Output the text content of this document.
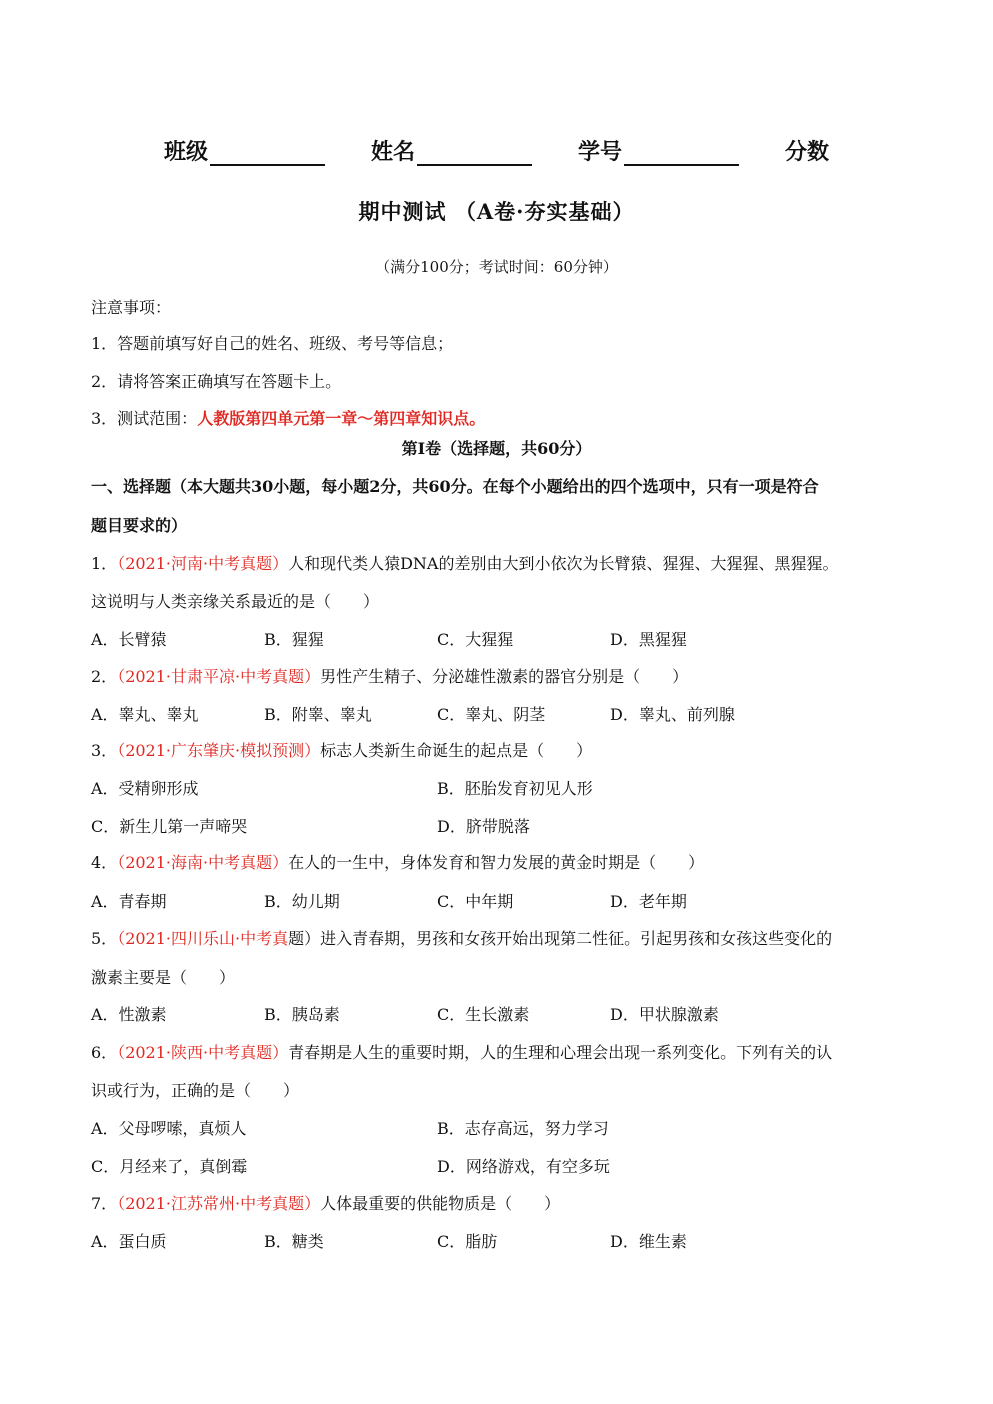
班级	姓名	学号	分数
期中测试 （A卷·夯实基础）
（满分100分；考试时间：60分钟）
注意事项：
1．答题前填写好自己的姓名、班级、考号等信息；
2．请将答案正确填写在答题卡上。
3．测试范围：人教版第四单元第一章～第四章知识点。
第Ⅰ卷（选择题，共60分）
一、选择题（本大题共30小题，每小题2分，共60分。在每个小题给出的四个选项中，只有一项是符合
题目要求的）
1．（2021·河南·中考真题）人和现代类人猿DNA的差别由大到小依次为长臂猿、猩猩、大猩猩、黑猩猩。
这说明与人类亲缘关系最近的是（　　）
A．长臂猿	B．猩猩	C．大猩猩	D．黑猩猩
2．（2021·甘肃平凉·中考真题）男性产生精子、分泌雄性激素的器官分别是（　　）
A．睾丸、睾丸	B．附睾、睾丸	C．睾丸、阴茎	D．睾丸、前列腺
3．（2021·广东肇庆·模拟预测）标志人类新生命诞生的起点是（　　）
A．受精卵形成	B．胚胎发育初见人形
C．新生儿第一声啼哭	D．脐带脱落
4．（2021·海南·中考真题）在人的一生中，身体发育和智力发展的黄金时期是（　　）
A．青春期	B．幼儿期	C．中年期	D．老年期
5．（2021·四川乐山·中考真题）进入青春期，男孩和女孩开始出现第二性征。引起男孩和女孩这些变化的
激素主要是（　　）
A．性激素	B．胰岛素	C．生长激素	D．甲状腺激素
6．（2021·陕西·中考真题）青春期是人生的重要时期，人的生理和心理会出现一系列变化。下列有关的认
识或行为，正确的是（　　）
A．父母啰嗦，真烦人	B．志存高远，努力学习
C．月经来了，真倒霉	D．网络游戏，有空多玩
7．（2021·江苏常州·中考真题）人体最重要的供能物质是（　　）
A．蛋白质	B．糖类	C．脂肪	D．维生素
